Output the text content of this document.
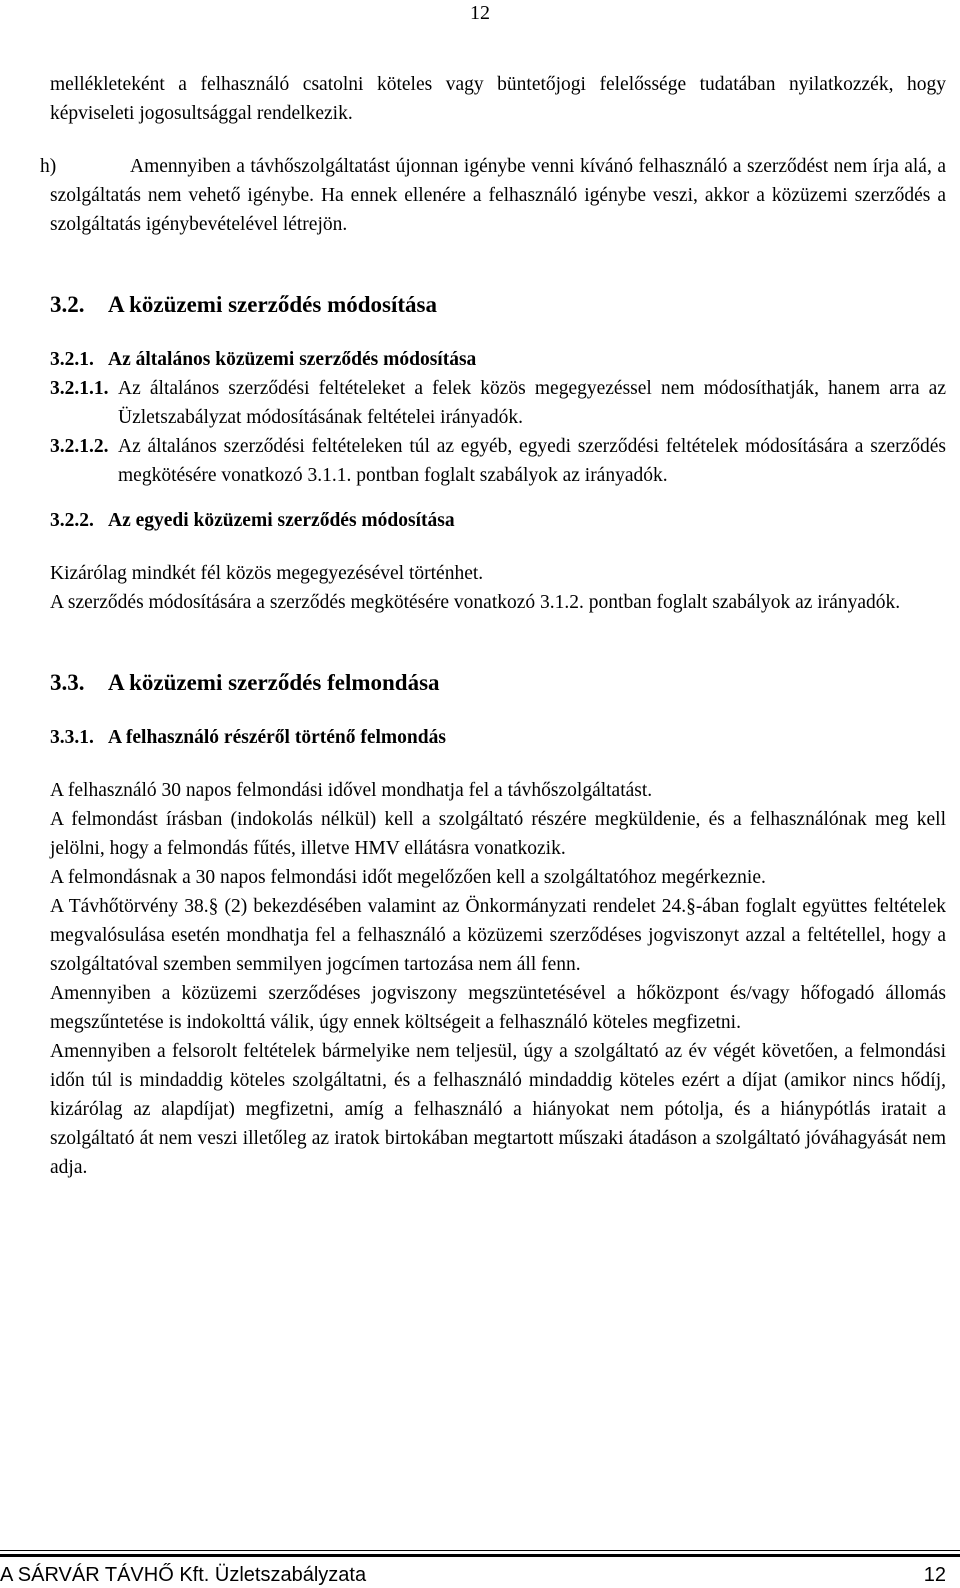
12

mellékleteként a felhasználó csatolni köteles vagy büntetőjogi felelőssége tudatában nyilatkozzék, hogy képviseleti jogosultsággal rendelkezik.

h)	Amennyiben a távhőszolgáltatást újonnan igénybe venni kívánó felhasználó a szerződést nem írja alá, a szolgáltatás nem vehető igénybe. Ha ennek ellenére a felhasználó igénybe veszi, akkor a közüzemi szerződés a szolgáltatás igénybevételével létrejön.

3.2. A közüzemi szerződés módosítása
3.2.1. Az általános közüzemi szerződés módosítása
3.2.1.1. Az általános szerződési feltételeket a felek közös megegyezéssel nem módosíthatják, hanem arra az Üzletszabályzat módosításának feltételei irányadók.

3.2.1.2. Az általános szerződési feltételeken túl az egyéb, egyedi szerződési feltételek módosítására a szerződés megkötésére vonatkozó 3.1.1. pontban foglalt szabályok az irányadók.

3.2.2. Az egyedi közüzemi szerződés módosítása

Kizárólag mindkét fél közös megegyezésével történhet.

A szerződés módosítására a szerződés megkötésére vonatkozó 3.1.2. pontban foglalt szabályok az irányadók.

3.3. A közüzemi szerződés felmondása
3.3.1. A felhasználó részéről történő felmondás

A felhasználó 30 napos felmondási idővel mondhatja fel a távhőszolgáltatást.

A felmondást írásban (indokolás nélkül) kell a szolgáltató részére megküldenie, és a felhasználónak meg kell jelölni, hogy a felmondás fűtés, illetve HMV ellátásra vonatkozik.

A felmondásnak a 30 napos felmondási időt megelőzően kell a szolgáltatóhoz megérkeznie.

A Távhőtörvény 38.§ (2) bekezdésében valamint az Önkormányzati rendelet 24.§-ában foglalt együttes feltételek megvalósulása esetén mondhatja fel a felhasználó a közüzemi szerződéses jogviszonyt azzal a feltétellel, hogy a szolgáltatóval szemben semmilyen jogcímen tartozása nem áll fenn.

Amennyiben a közüzemi szerződéses jogviszony megszüntetésével a hőközpont és/vagy hőfogadó állomás megszűntetése is indokolttá válik, úgy ennek költségeit a felhasználó köteles megfizetni.

Amennyiben a felsorolt feltételek bármelyike nem teljesül, úgy a szolgáltató az év végét követően, a felmondási időn túl is mindaddig köteles szolgáltatni, és a felhasználó mindaddig köteles ezért a díjat (amikor nincs hődíj, kizárólag az alapdíjat) megfizetni, amíg a felhasználó a hiányokat nem pótolja, és a hiánypótlás iratait a szolgáltató át nem veszi illetőleg az iratok birtokában megtartott műszaki átadáson a szolgáltató jóváhagyását nem adja.

A SÁRVÁR TÁVHŐ Kft. Üzletszabályzata	12
